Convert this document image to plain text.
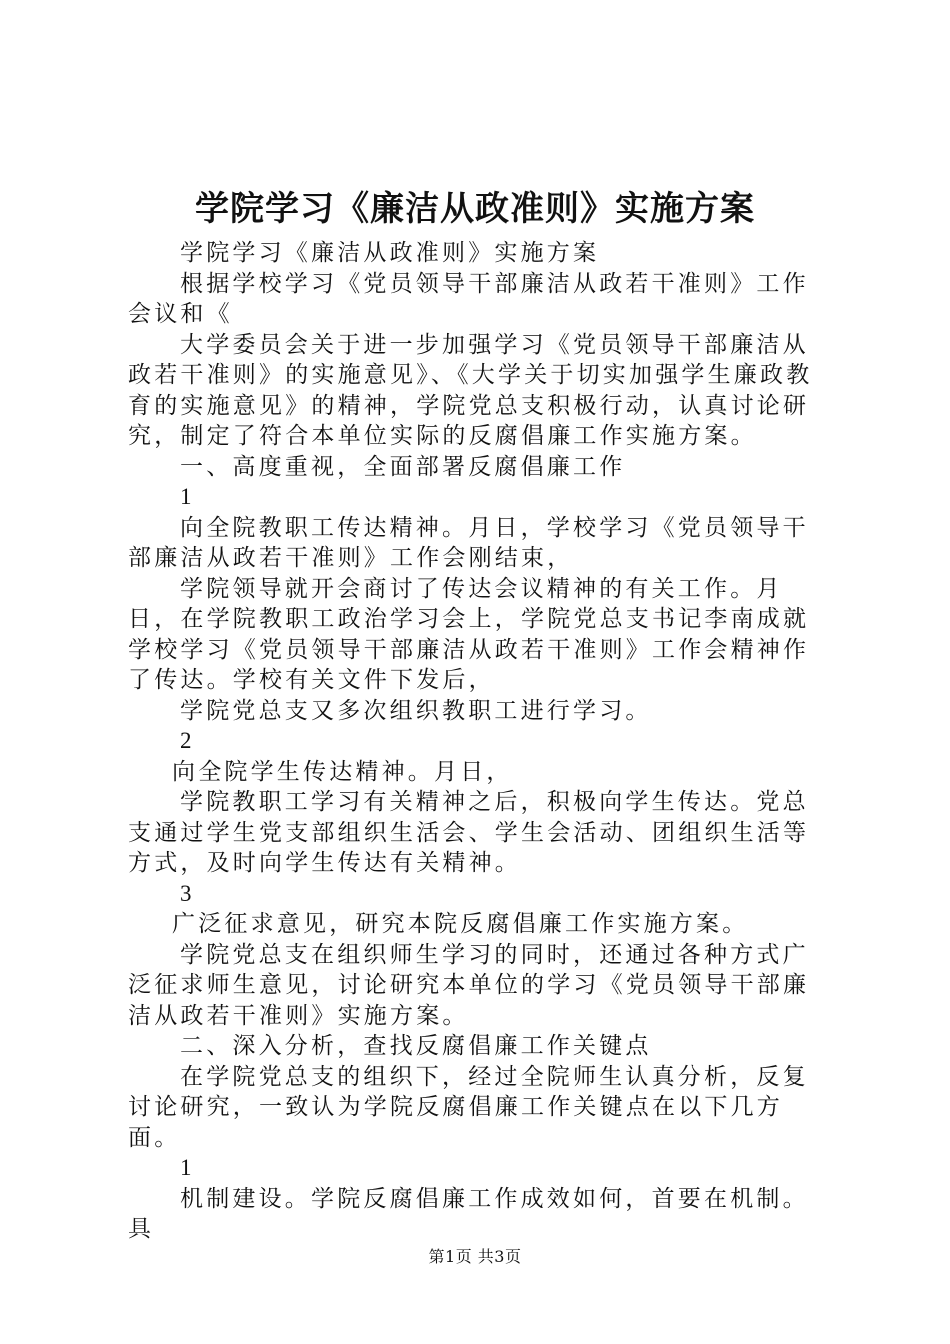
学院学习《廉洁从政准则》实施方案

学院学习《廉洁从政准则》实施方案

根据学校学习《党员领导干部廉洁从政若干准则》工作会议和《

大学委员会关于进一步加强学习《党员领导干部廉洁从政若干准则》的实施意见》、《大学关于切实加强学生廉政教育的实施意见》的精神，学院党总支积极行动，认真讨论研究，制定了符合本单位实际的反腐倡廉工作实施方案。

一、高度重视，全面部署反腐倡廉工作

1

向全院教职工传达精神。月日，学校学习《党员领导干部廉洁从政若干准则》工作会刚结束，

学院领导就开会商讨了传达会议精神的有关工作。月日，在学院教职工政治学习会上，学院党总支书记李南成就学校学习《党员领导干部廉洁从政若干准则》工作会精神作了传达。学校有关文件下发后，

学院党总支又多次组织教职工进行学习。

2

向全院学生传达精神。月日，

学院教职工学习有关精神之后，积极向学生传达。党总支通过学生党支部组织生活会、学生会活动、团组织生活等方式，及时向学生传达有关精神。

3

广泛征求意见，研究本院反腐倡廉工作实施方案。

学院党总支在组织师生学习的同时，还通过各种方式广泛征求师生意见，讨论研究本单位的学习《党员领导干部廉洁从政若干准则》实施方案。

二、深入分析，查找反腐倡廉工作关键点

在学院党总支的组织下，经过全院师生认真分析，反复讨论研究，一致认为学院反腐倡廉工作关键点在以下几方面。

1

机制建设。学院反腐倡廉工作成效如何，首要在机制。具

第1页 共3页
